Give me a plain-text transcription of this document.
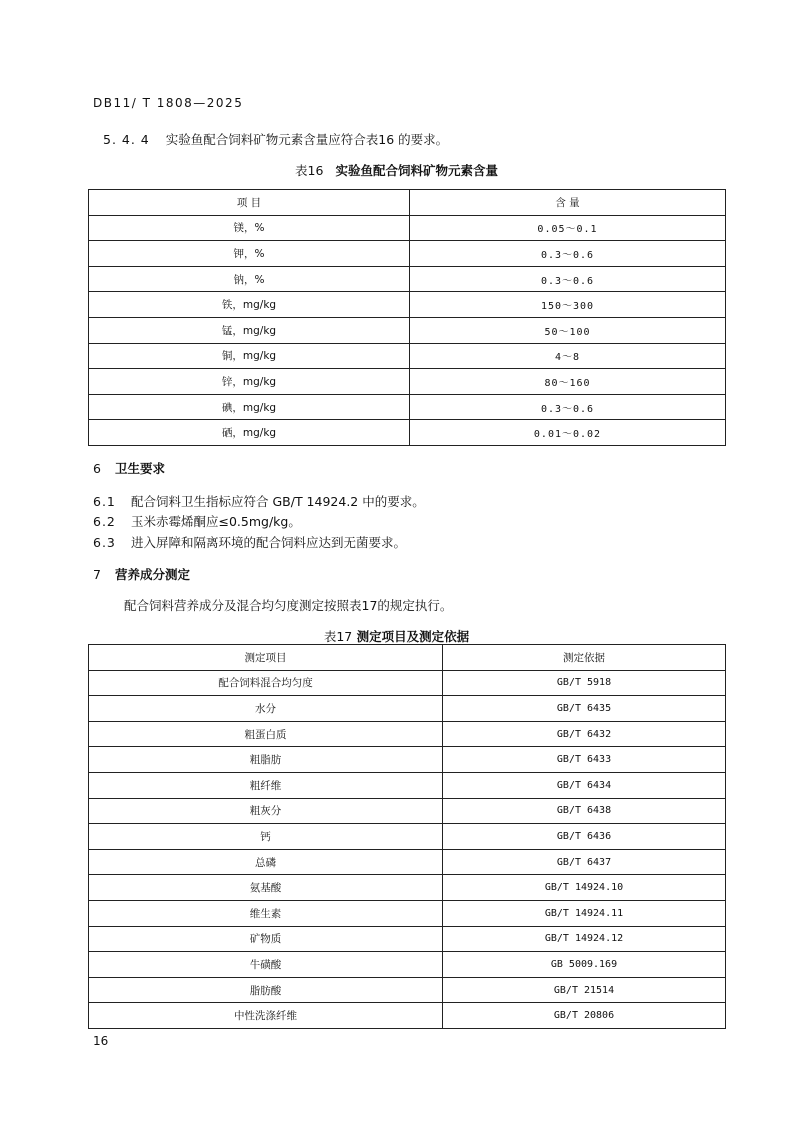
DB11/ T 1808—2025
5. 4. 4 实验鱼配合饲料矿物元素含量应符合表16 的要求。
表16 实验鱼配合饲料矿物元素含量
项 目	含 量
镁，%	0.05～0.1
钾，%	0.3～0.6
钠，%	0.3～0.6
铁，mg/kg	150～300
锰，mg/kg	50～100
铜，mg/kg	4～8
锌，mg/kg	80～160
碘，mg/kg	0.3～0.6
硒，mg/kg	0.01～0.02
6 卫生要求
6.1 配合饲料卫生指标应符合 GB/T 14924.2 中的要求。
6.2 玉米赤霉烯酮应≤0.5mg/kg。
6.3 进入屏障和隔离环境的配合饲料应达到无菌要求。
7 营养成分测定
配合饲料营养成分及混合均匀度测定按照表17的规定执行。
表17 测定项目及测定依据
测定项目	测定依据
配合饲料混合均匀度	GB/T 5918
水分	GB/T 6435
粗蛋白质	GB/T 6432
粗脂肪	GB/T 6433
粗纤维	GB/T 6434
粗灰分	GB/T 6438
钙	GB/T 6436
总磷	GB/T 6437
氨基酸	GB/T 14924.10
维生素	GB/T 14924.11
矿物质	GB/T 14924.12
牛磺酸	GB 5009.169
脂肪酸	GB/T 21514
中性洗涤纤维	GB/T 20806
16
